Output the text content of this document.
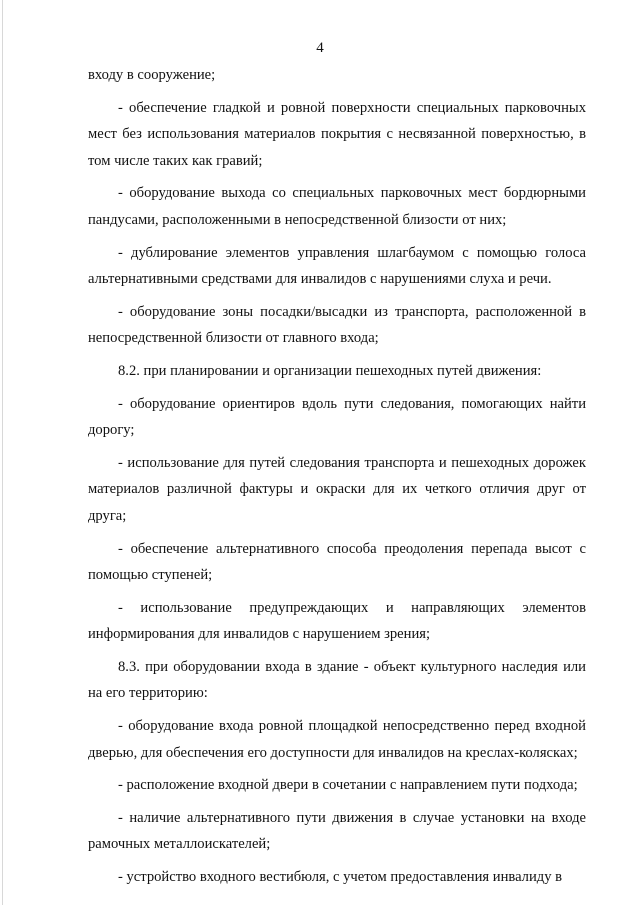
4

входу в сооружение;

- обеспечение гладкой и ровной поверхности специальных парковочных мест без использования материалов покрытия с несвязанной поверхностью, в том числе таких как гравий;

- оборудование выхода со специальных парковочных мест бордюрными пандусами, расположенными в непосредственной близости от них;

- дублирование элементов управления шлагбаумом с помощью голоса альтернативными средствами для инвалидов с нарушениями слуха и речи.

- оборудование зоны посадки/высадки из транспорта, расположенной в непосредственной близости от главного входа;

8.2. при планировании и организации пешеходных путей движения:

- оборудование ориентиров вдоль пути следования, помогающих найти дорогу;

- использование для путей следования транспорта и пешеходных дорожек материалов различной фактуры и окраски для их четкого отличия друг от друга;

- обеспечение альтернативного способа преодоления перепада высот с помощью ступеней;

- использование предупреждающих и направляющих элементов информирования для инвалидов с нарушением зрения;

8.3. при оборудовании входа в здание - объект культурного наследия или на его территорию:

- оборудование входа ровной площадкой непосредственно перед входной дверью, для обеспечения его доступности для инвалидов на креслах-колясках;

- расположение входной двери в сочетании с направлением пути подхода;

- наличие альтернативного пути движения в случае установки на входе рамочных металлоискателей;

- устройство входного вестибюля, с учетом предоставления инвалиду в
